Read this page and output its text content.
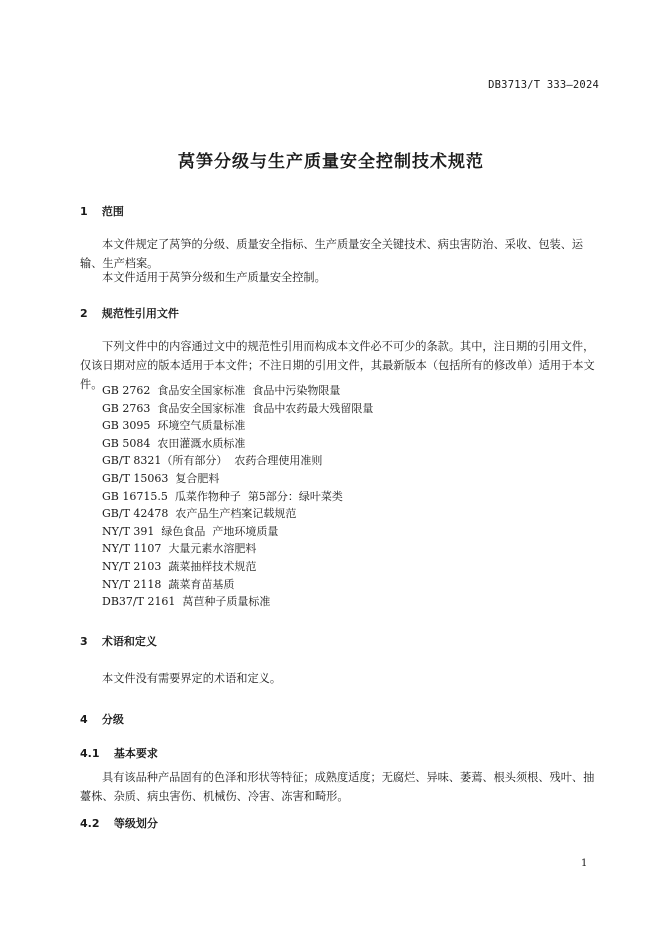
DB3713/T 333—2024
莴笋分级与生产质量安全控制技术规范
1 范围
本文件规定了莴笋的分级、质量安全指标、生产质量安全关键技术、病虫害防治、采收、包装、运输、生产档案。
本文件适用于莴笋分级和生产质量安全控制。
2 规范性引用文件
下列文件中的内容通过文中的规范性引用而构成本文件必不可少的条款。其中，注日期的引用文件，仅该日期对应的版本适用于本文件；不注日期的引用文件，其最新版本（包括所有的修改单）适用于本文件。 GB 2762  食品安全国家标准  食品中污染物限量
GB 2763  食品安全国家标准  食品中农药最大残留限量
GB 3095  环境空气质量标准
GB 5084  农田灌溉水质标准
GB/T 8321（所有部分）  农药合理使用准则
GB/T 15063  复合肥料
GB 16715.5  瓜菜作物种子  第5部分：绿叶菜类
GB/T 42478  农产品生产档案记载规范
NY/T 391  绿色食品  产地环境质量
NY/T 1107  大量元素水溶肥料
NY/T 2103  蔬菜抽样技术规范
NY/T 2118  蔬菜育苗基质
DB37/T 2161  莴苣种子质量标准
3 术语和定义
本文件没有需要界定的术语和定义。
4 分级
4.1 基本要求
具有该品种产品固有的色泽和形状等特征；成熟度适度；无腐烂、异味、萎蔫、根头须根、残叶、抽薹株、杂质、病虫害伤、机械伤、冷害、冻害和畸形。
4.2 等级划分
1
